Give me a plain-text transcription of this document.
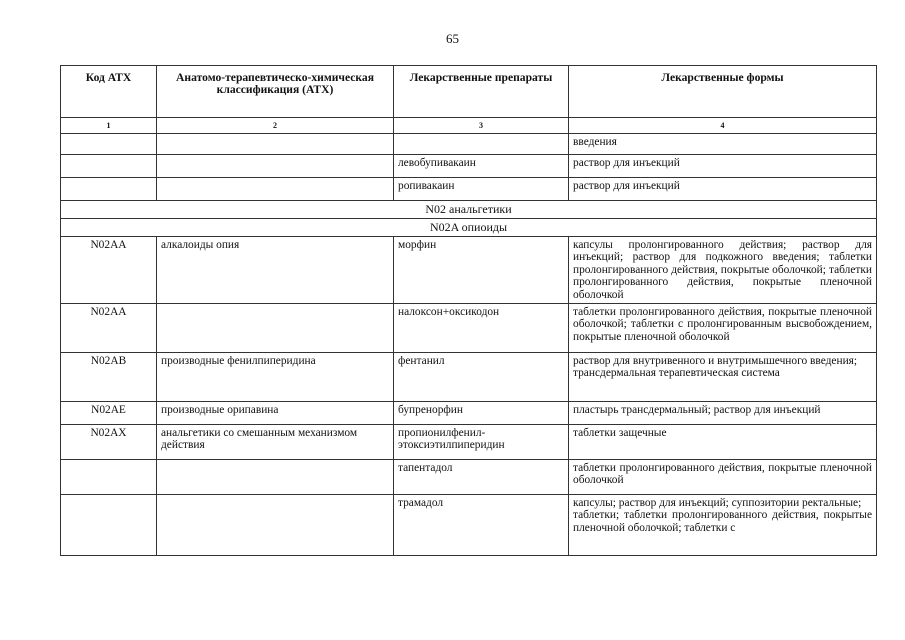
65
Код АТХ	Анатомо-терапевтическо-химическая классификация (АТХ)	Лекарственные препараты	Лекарственные формы
1	2	3	4
			введения
		левобупивакаин	раствор для инъекций
		ропивакаин	раствор для инъекций
N02 анальгетики			
N02A опиоиды			
N02AA	алкалоиды опия	морфин	капсулы пролонгированного действия; раствор для инъекций; раствор для подкожного введения; таблетки пролонгированного действия, покрытые оболочкой; таблетки пролонгированного действия, покрытые пленочной оболочкой
N02AA		налоксон+оксикодон	таблетки пролонгированного действия, покрытые пленочной оболочкой; таблетки с пролонгированным высвобождением, покрытые пленочной оболочкой
N02AB	производные фенилпиперидина	фентанил	раствор для внутривенного и внутримышечного введения;
трансдермальная терапевтическая система
N02AE	производные орипавина	бупренорфин	пластырь трансдермальный; раствор для инъекций
N02AX	анальгетики со смешанным механизмом действия	пропионилфенил-этоксиэтилпиперидин	таблетки защечные
		тапентадол	таблетки пролонгированного действия, покрытые пленочной оболочкой
		трамадол	капсулы; раствор для инъекций; суппозитории ректальные;
таблетки; таблетки пролонгированного действия, покрытые пленочной оболочкой; таблетки с
